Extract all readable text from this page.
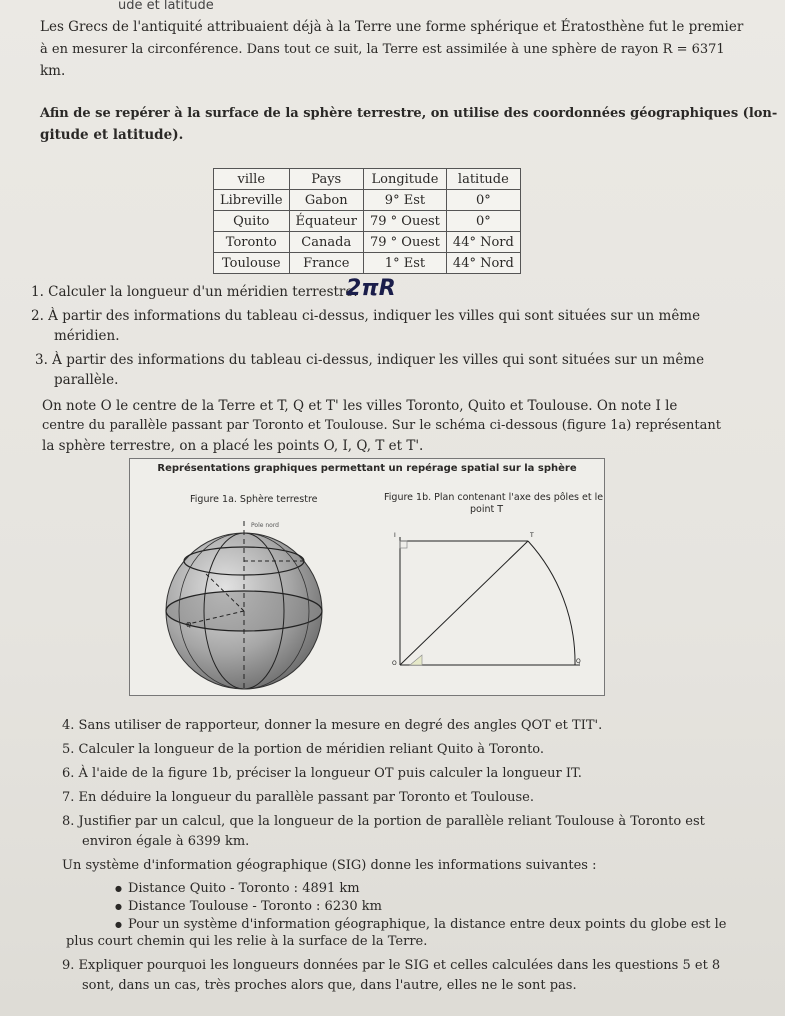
ude et latitude
Les Grecs de l'antiquité attribuaient déjà à la Terre une forme sphérique et Ératosthène fut le premier
à en mesurer la circonférence. Dans tout ce suit, la Terre est assimilée à une sphère de rayon R = 6371
km.
Afin de se repérer à la surface de la sphère terrestre, on utilise des coordonnées géographiques (lon-
gitude et latitude).
ville	Pays	Longitude	latitude
Libreville	Gabon	9° Est	0°
Quito	Équateur	79 ° Ouest	0°
Toronto	Canada	79 ° Ouest	44° Nord
Toulouse	France	1° Est	44° Nord
1. Calculer la longueur d'un méridien terrestre.
2πR
2. À partir des informations du tableau ci-dessus, indiquer les villes qui sont situées sur un même
méridien.
3. À partir des informations du tableau ci-dessus, indiquer les villes qui sont situées sur un même
parallèle.
On note O le centre de la Terre et T, Q et T' les villes Toronto, Quito et Toulouse. On note I le
centre du parallèle passant par Toronto et Toulouse. Sur le schéma ci-dessous (figure 1a) représentant
la sphère terrestre, on a placé les points O, I, Q, T et T'.
Représentations graphiques permettant un repérage spatial sur la sphère
Figure 1a. Sphère terrestre	Figure 1b. Plan contenant l'axe des pôles et le
point T
Pole nord
Q
I	T
O	Q
4. Sans utiliser de rapporteur, donner la mesure en degré des angles QOT et TIT'.
5. Calculer la longueur de la portion de méridien reliant Quito à Toronto.
6. À l'aide de la figure 1b, préciser la longueur OT puis calculer la longueur IT.
7. En déduire la longueur du parallèle passant par Toronto et Toulouse.
8. Justifier par un calcul, que la longueur de la portion de parallèle reliant Toulouse à Toronto est
environ égale à 6399 km.
Un système d'information géographique (SIG) donne les informations suivantes :
● Distance Quito - Toronto : 4891 km
● Distance Toulouse - Toronto : 6230 km
● Pour un système d'information géographique, la distance entre deux points du globe est le
plus court chemin qui les relie à la surface de la Terre.
9. Expliquer pourquoi les longueurs données par le SIG et celles calculées dans les questions 5 et 8
sont, dans un cas, très proches alors que, dans l'autre, elles ne le sont pas.
